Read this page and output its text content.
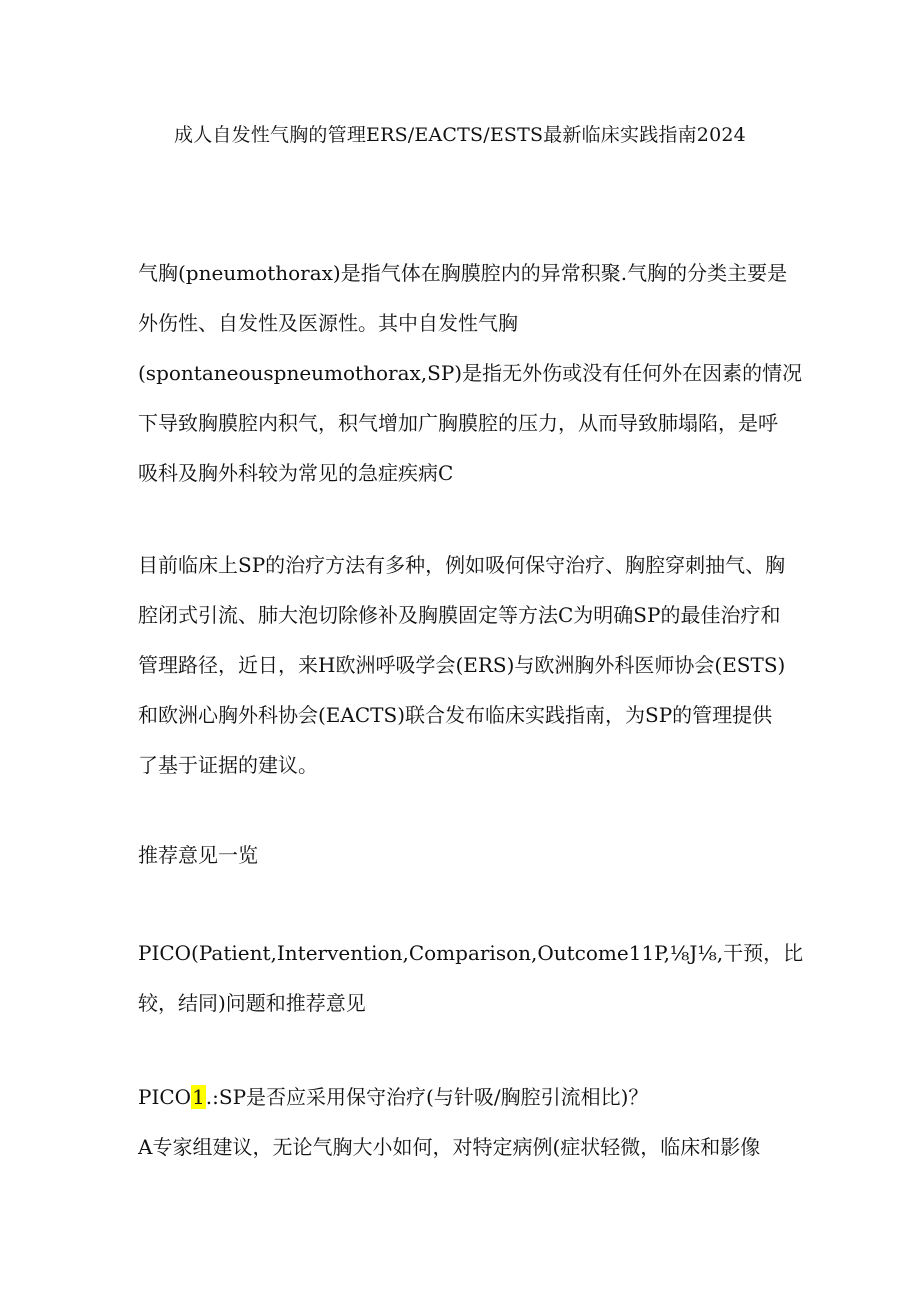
成人自发性气胸的管理ERS/EACTS/ESTS最新临床实践指南2024
气胸(pneumothorax)是指气体在胸膜腔内的异常积聚.气胸的分类主要是
外伤性、自发性及医源性。其中自发性气胸
(spontaneouspneumothorax,SP)是指无外伤或没有任何外在因素的情况
下导致胸膜腔内积气，积气增加广胸膜腔的压力，从而导致肺塌陷，是呼
吸科及胸外科较为常见的急症疾病C
目前临床上SP的治疗方法有多种，例如吸何保守治疗、胸腔穿刺抽气、胸
腔闭式引流、肺大泡切除修补及胸膜固定等方法C为明确SP的最佳治疗和
管理路径，近日，来H欧洲呼吸学会(ERS)与欧洲胸外科医师协会(ESTS)
和欧洲心胸外科协会(EACTS)联合发布临床实践指南，为SP的管理提供
了基于证据的建议。
推荐意见一览
PICO(Patient,Intervention,Comparison,Outcome11P,⅛J⅛,干预，比
较，结同)问题和推荐意见
PICO1.:SP是否应采用保守治疗(与针吸/胸腔引流相比)？
A专家组建议，无论气胸大小如何，对特定病例(症状轻微，临床和影像
